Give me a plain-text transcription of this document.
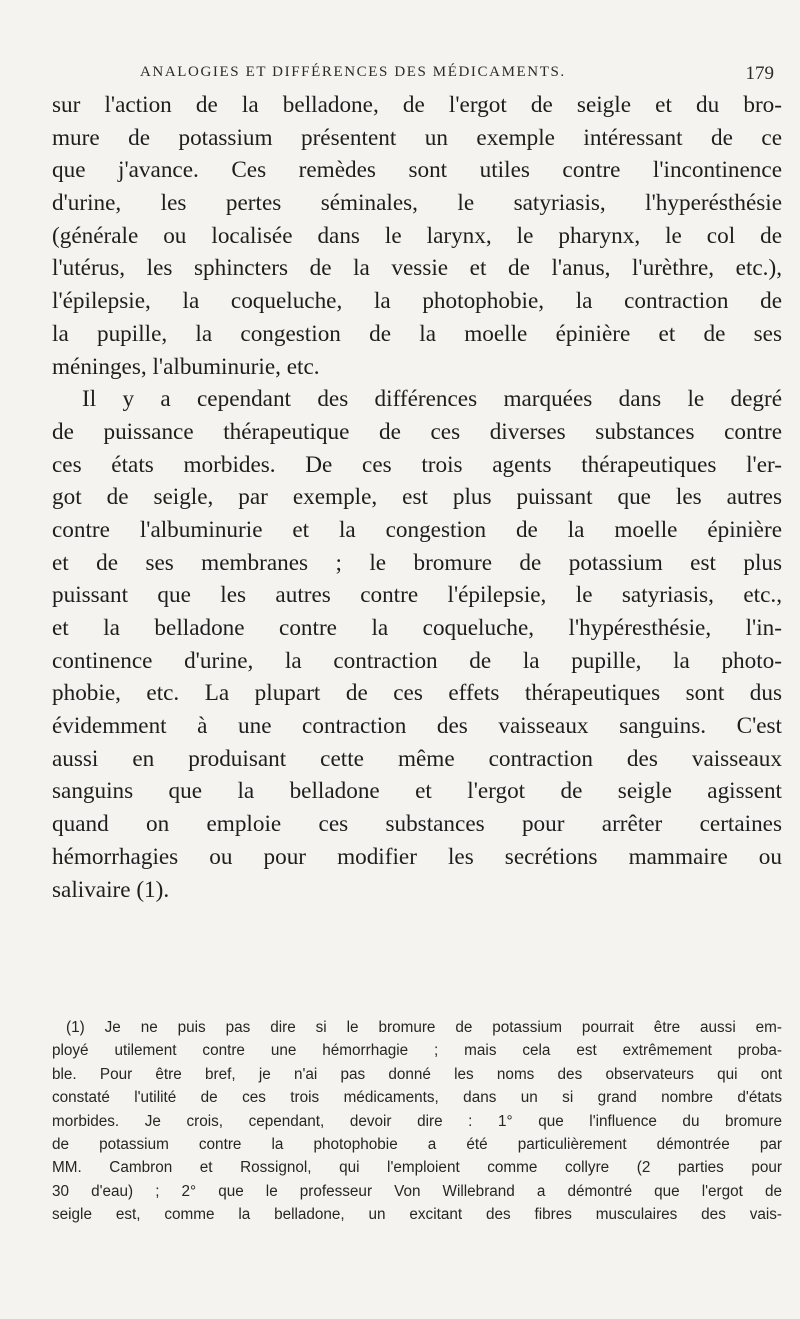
ANALOGIES ET DIFFÉRENCES DES MÉDICAMENTS.	179
sur l'action de la belladone, de l'ergot de seigle et du bro-
mure de potassium présentent un exemple intéressant de ce
que j'avance. Ces remèdes sont utiles contre l'incontinence
d'urine, les pertes séminales, le satyriasis, l'hyperésthésie
(générale ou localisée dans le larynx, le pharynx, le col de
l'utérus, les sphincters de la vessie et de l'anus, l'urèthre, etc.),
l'épilepsie, la coqueluche, la photophobie, la contraction de
la pupille, la congestion de la moelle épinière et de ses
méninges, l'albuminurie, etc.
Il y a cependant des différences marquées dans le degré
de puissance thérapeutique de ces diverses substances contre
ces états morbides. De ces trois agents thérapeutiques l'er-
got de seigle, par exemple, est plus puissant que les autres
contre l'albuminurie et la congestion de la moelle épinière
et de ses membranes ; le bromure de potassium est plus
puissant que les autres contre l'épilepsie, le satyriasis, etc.,
et la belladone contre la coqueluche, l'hypéresthésie, l'in-
continence d'urine, la contraction de la pupille, la photo-
phobie, etc. La plupart de ces effets thérapeutiques sont dus
évidemment à une contraction des vaisseaux sanguins. C'est
aussi en produisant cette même contraction des vaisseaux
sanguins que la belladone et l'ergot de seigle agissent
quand on emploie ces substances pour arrêter certaines
hémorrhagies ou pour modifier les secrétions mammaire ou
salivaire (1).
(1) Je ne puis pas dire si le bromure de potassium pourrait être aussi em-
ployé utilement contre une hémorrhagie ; mais cela est extrêmement proba-
ble. Pour être bref, je n'ai pas donné les noms des observateurs qui ont
constaté l'utilité de ces trois médicaments, dans un si grand nombre d'états
morbides. Je crois, cependant, devoir dire : 1° que l'influence du bromure
de potassium contre la photophobie a été particulièrement démontrée par
MM. Cambron et Rossignol, qui l'emploient comme collyre (2 parties pour
30 d'eau) ; 2° que le professeur Von Willebrand a démontré que l'ergot de
seigle est, comme la belladone, un excitant des fibres musculaires des vais-
